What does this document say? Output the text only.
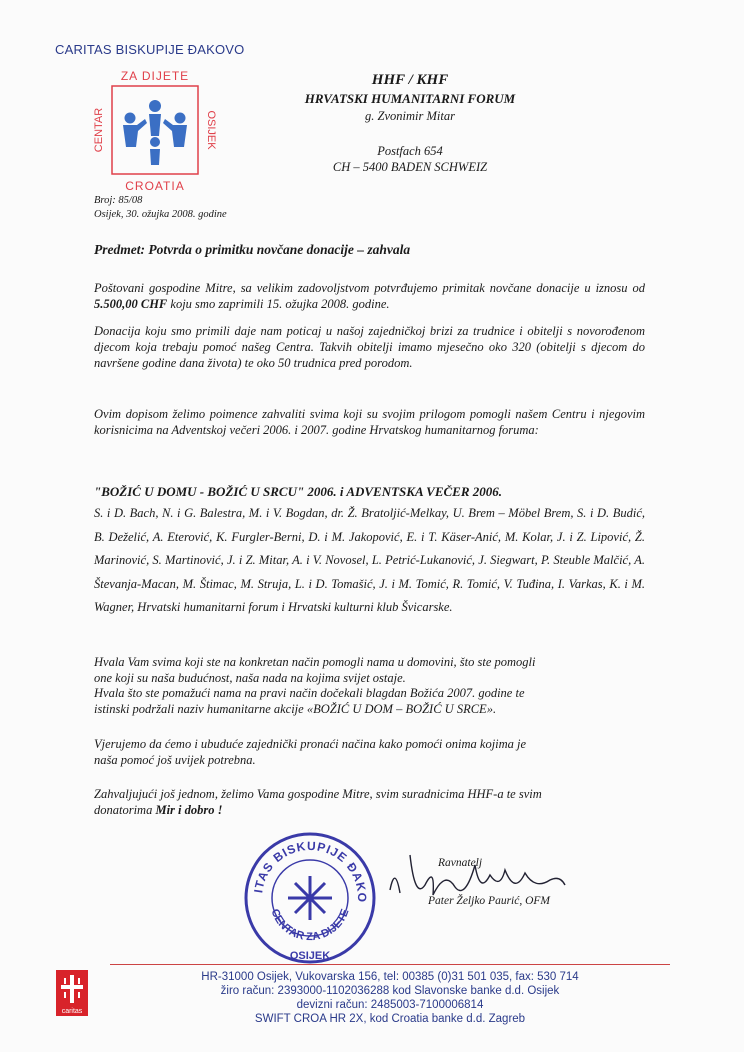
CARITAS BISKUPIJE ĐAKOVO
ZA DIJETE
CROATIA
CENTAR	OSIJEK
HHF / KHF
HRVATSKI HUMANITARNI FORUM
g. Zvonimir Mitar
Postfach 654
CH – 5400 BADEN SCHWEIZ
Broj: 85/08
Osijek, 30. ožujka 2008. godine
Predmet: Potvrda o primitku novčane donacije – zahvala
Poštovani gospodine Mitre, sa velikim zadovoljstvom potvrđujemo primitak novčane donacije u iznosu od 5.500,00 CHF koju smo zaprimili 15. ožujka 2008. godine.
Donacija koju smo primili daje nam poticaj u našoj zajedničkoj brizi za trudnice i obitelji s novorođenom djecom koja trebaju pomoć našeg Centra. Takvih obitelji imamo mjesečno oko 320 (obitelji s djecom do navršene godine dana života) te oko 50 trudnica pred porodom.
Ovim dopisom želimo poimence zahvaliti svima koji su svojim prilogom pomogli našem Centru i njegovim korisnicima na Adventskoj večeri 2006. i 2007. godine Hrvatskog humanitarnog foruma:
"BOŽIĆ U DOMU - BOŽIĆ U SRCU" 2006. i ADVENTSKA VEČER 2006.
S. i D. Bach, N. i G. Balestra, M. i V. Bogdan, dr. Ž. Bratoljić-Melkay, U. Brem – Möbel Brem, S. i D. Budić, B. Deželić, A. Eterović, K. Furgler-Berni, D. i M. Jakopović, E. i T. Käser-Anić, M. Kolar, J. i Z. Lipović, Ž. Marinović, S. Martinović, J. i Z. Mitar, A. i V. Novosel, L. Petrić-Lukanović, J. Siegwart, P. Steuble Malčić, A. Števanja-Macan, M. Štimac, M. Struja, L. i D. Tomašić, J. i M. Tomić, R. Tomić, V. Tuđina, I. Varkas, K. i M. Wagner, Hrvatski humanitarni forum i Hrvatski kulturni klub Švicarske.
Hvala Vam svima koji ste na konkretan način pomogli nama u domovini, što ste pomogli
one koji su naša budućnost, naša nada na kojima svijet ostaje.
Hvala što ste pomažući nama na pravi način dočekali blagdan Božića 2007. godine te
istinski podržali naziv humanitarne akcije «BOŽIĆ U DOM – BOŽIĆ U SRCE».
Vjerujemo da ćemo i ubuduće zajednički pronaći načina kako pomoći onima kojima je
naša pomoć još uvijek potrebna.
Zahvaljujući još jednom, želimo Vama gospodine Mitre, svim suradnicima HHF-a te svim
donatorima Mir i dobro !
ITAS BISKUPIJE ĐAKO
CENTAR ZA DIJETE
OSIJEK
Ravnatelj
Pater Željko Paurić, OFM
caritas
HR-31000 Osijek, Vukovarska 156, tel: 00385 (0)31 501 035, fax: 530 714
žiro račun: 2393000-1102036288 kod Slavonske banke d.d. Osijek
devizni račun: 2485003-7100006814
SWIFT CROA HR 2X, kod Croatia banke d.d. Zagreb
